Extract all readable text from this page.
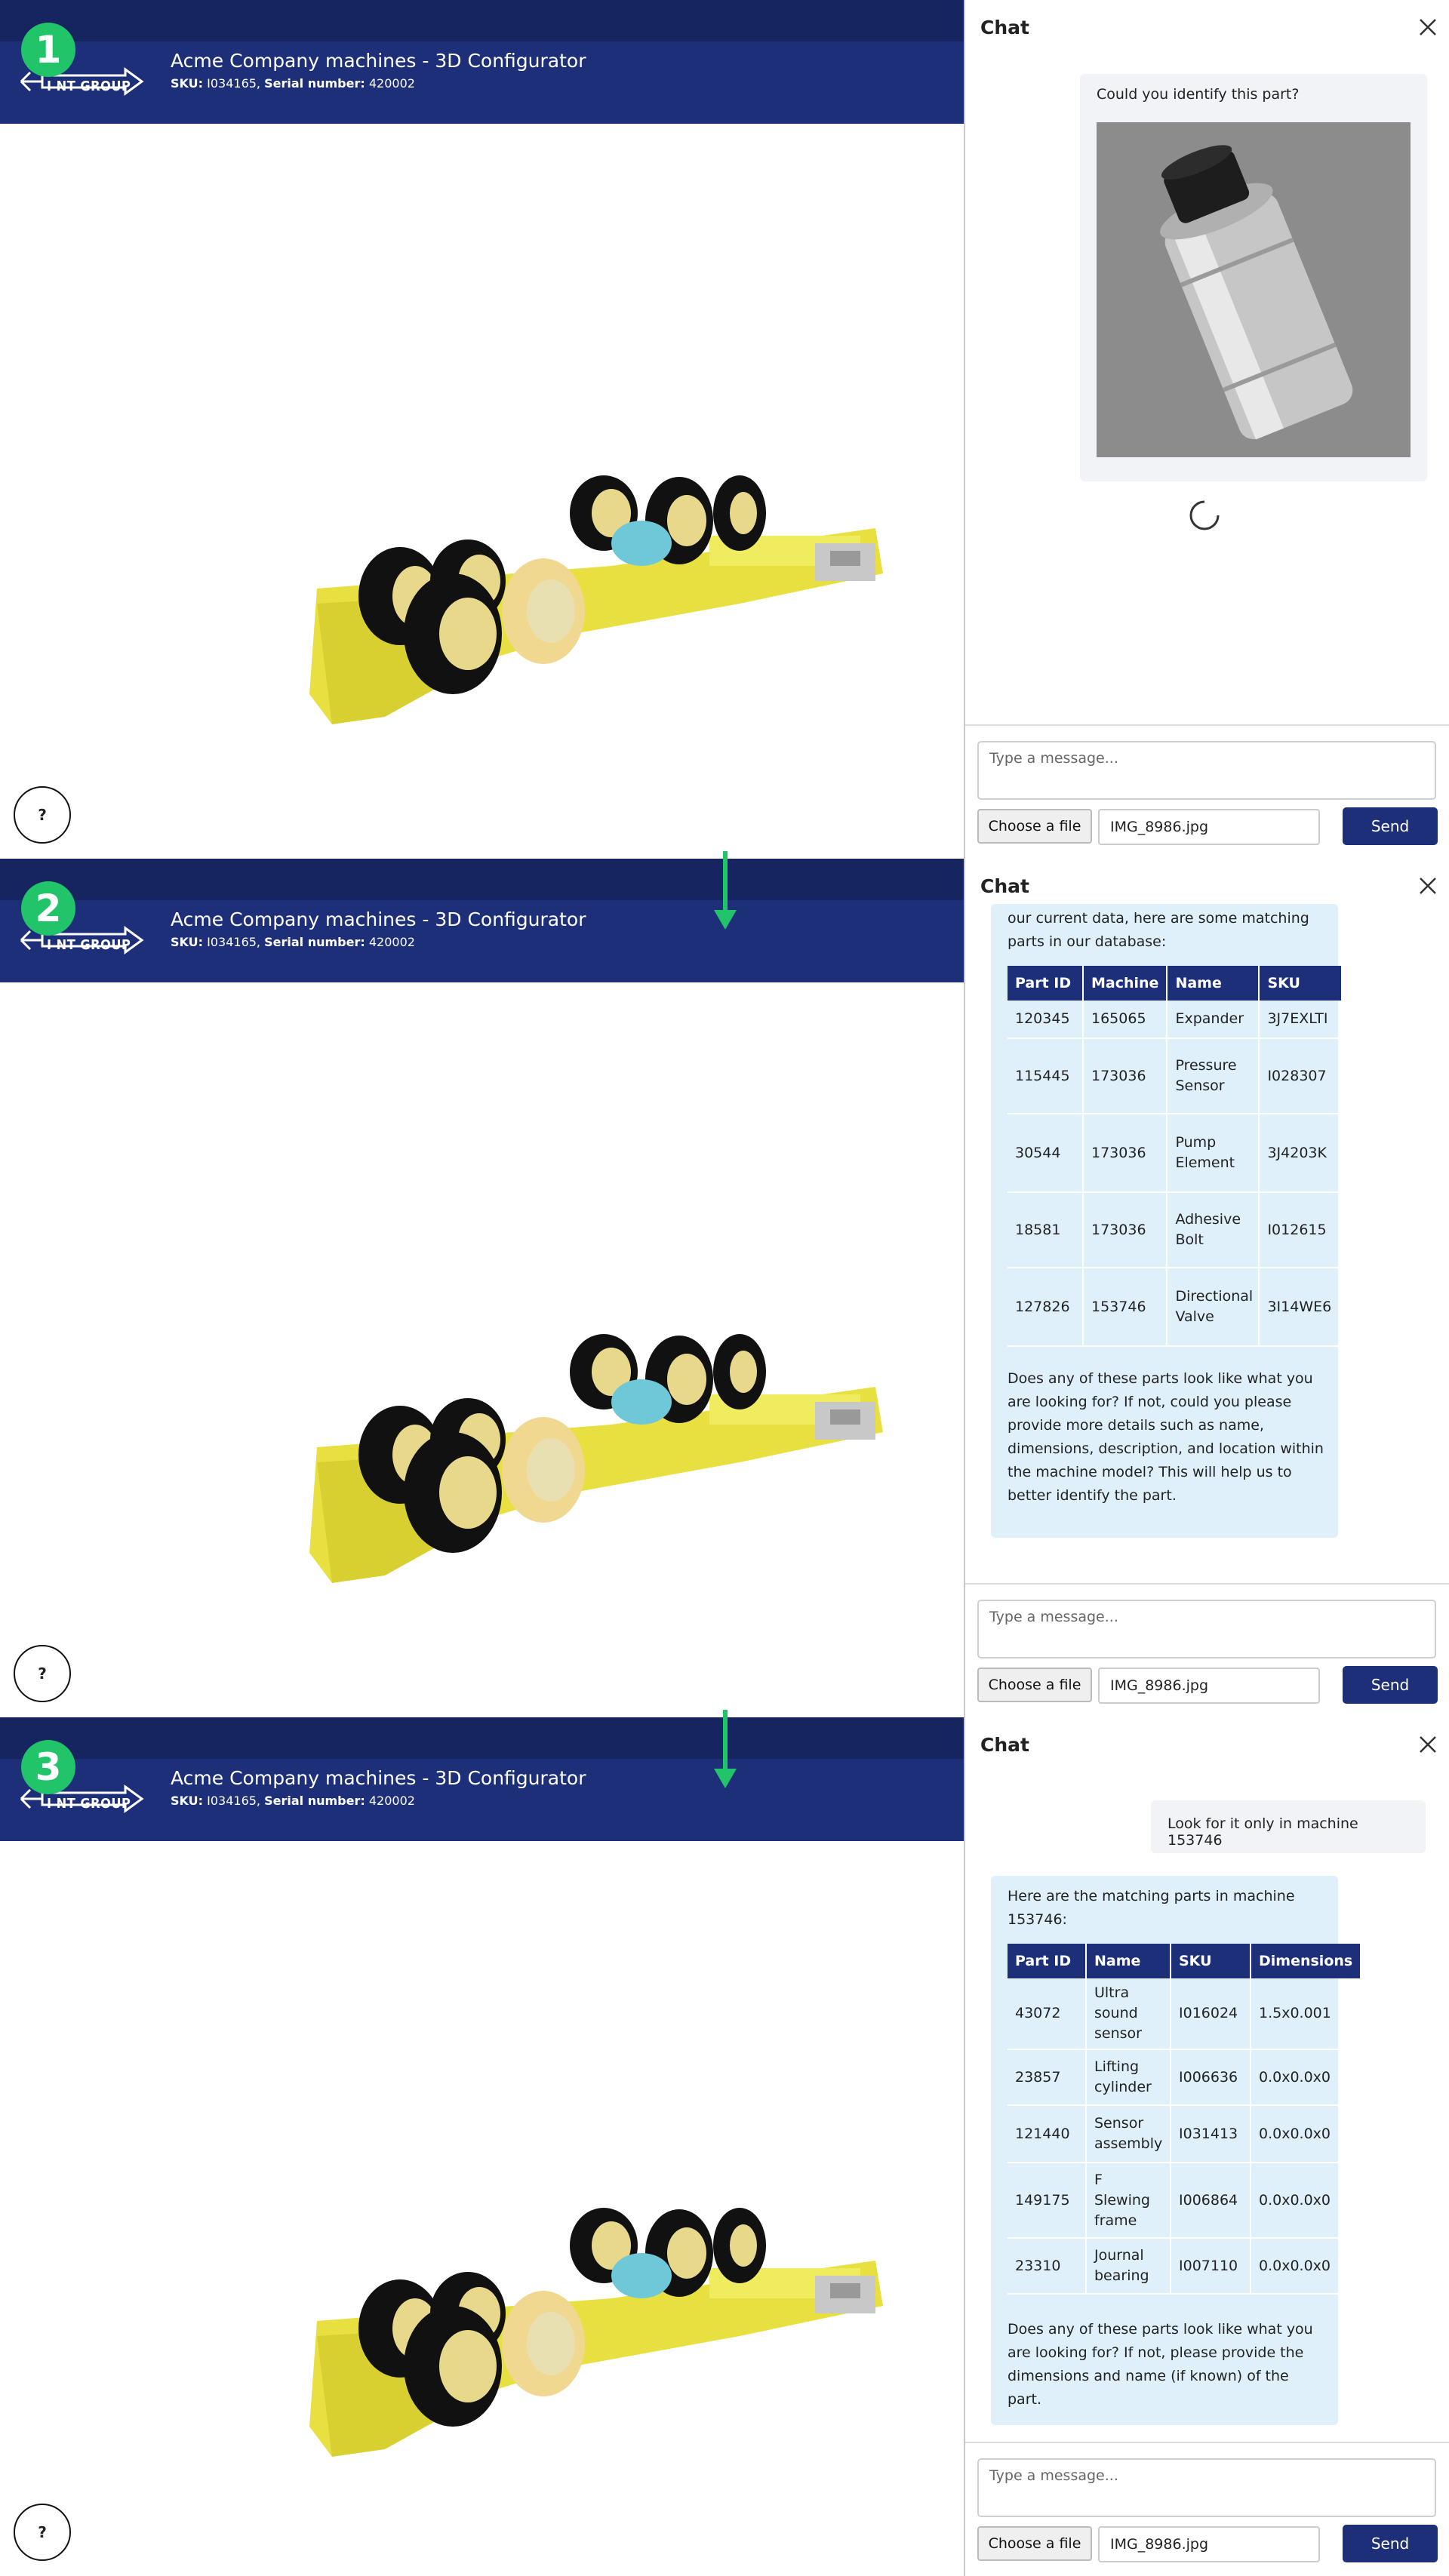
I NT GROUP
Acme Company machines - 3D Configurator
SKU: I034165, Serial number: 420002
1
?
Chat
Could you identify this part?
Type a message...
Choose a file	IMG_8986.jpg	Send
I NT GROUP
Acme Company machines - 3D Configurator
SKU: I034165, Serial number: 420002
2
?
Chat
our current data, here are some matching parts in our database:
Part ID	Machine	Name	SKU
120345	165065	Expander	3J7EXLTI
115445	173036	Pressure Sensor	I028307
30544	173036	Pump Element	3J4203K
18581	173036	Adhesive Bolt	I012615
127826	153746	Directional Valve	3I14WE6
Does any of these parts look like what you are looking for? If not, could you please provide more details such as name, dimensions, description, and location within the machine model? This will help us to better identify the part.
Type a message...
Choose a file	IMG_8986.jpg	Send
I NT GROUP
Acme Company machines - 3D Configurator
SKU: I034165, Serial number: 420002
3
?
Chat
Look for it only in machine 153746
Here are the matching parts in machine 153746:
Part ID	Name	SKU	Dimensions
43072	Ultra sound sensor	I016024	1.5x0.001
23857	Lifting cylinder	I006636	0.0x0.0x0
121440	Sensor assembly	I031413	0.0x0.0x0
149175	F Slewing frame	I006864	0.0x0.0x0
23310	Journal bearing	I007110	0.0x0.0x0
Does any of these parts look like what you are looking for? If not, please provide the dimensions and name (if known) of the part.
Type a message...
Choose a file	IMG_8986.jpg	Send
